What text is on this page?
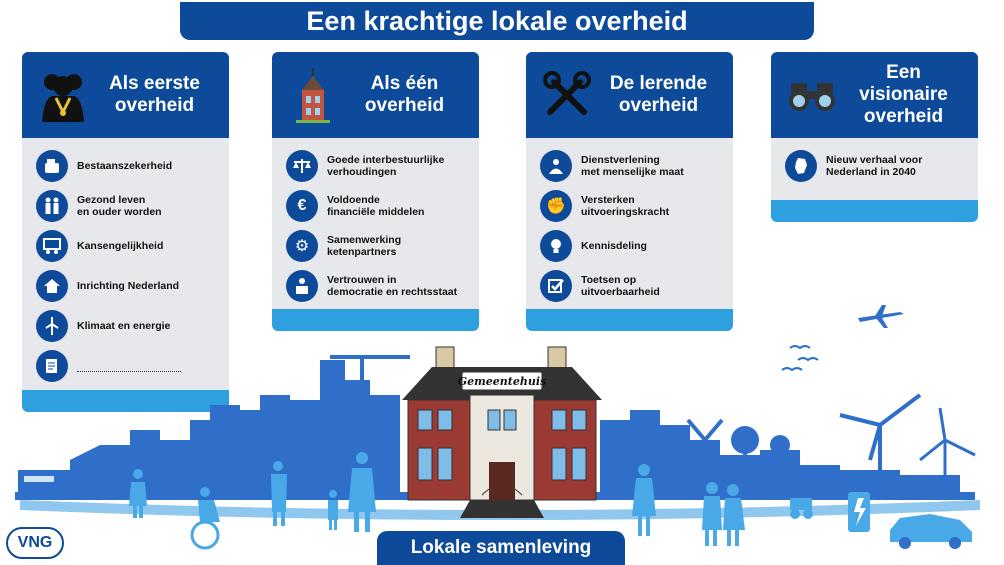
Een krachtige lokale overheid
Als eerste
overheid
Bestaanszekerheid
Gezond leven
en ouder worden
Kansengelijkheid
Inrichting Nederland
Klimaat en energie
Als één
overheid
Goede interbestuurlijke
verhoudingen
€	Voldoende
financiële middelen
⚙	Samenwerking
ketenpartners
Vertrouwen in
democratie en rechtsstaat
De lerende
overheid
Dienstverlening
met menselijke maat
✊	Versterken
uitvoeringskracht
Kennisdeling
Toetsen op
uitvoerbaarheid
Een visionaire
overheid
Nieuw verhaal voor
Nederland in 2040
Gemeentehuis
Lokale samenleving
VNG
